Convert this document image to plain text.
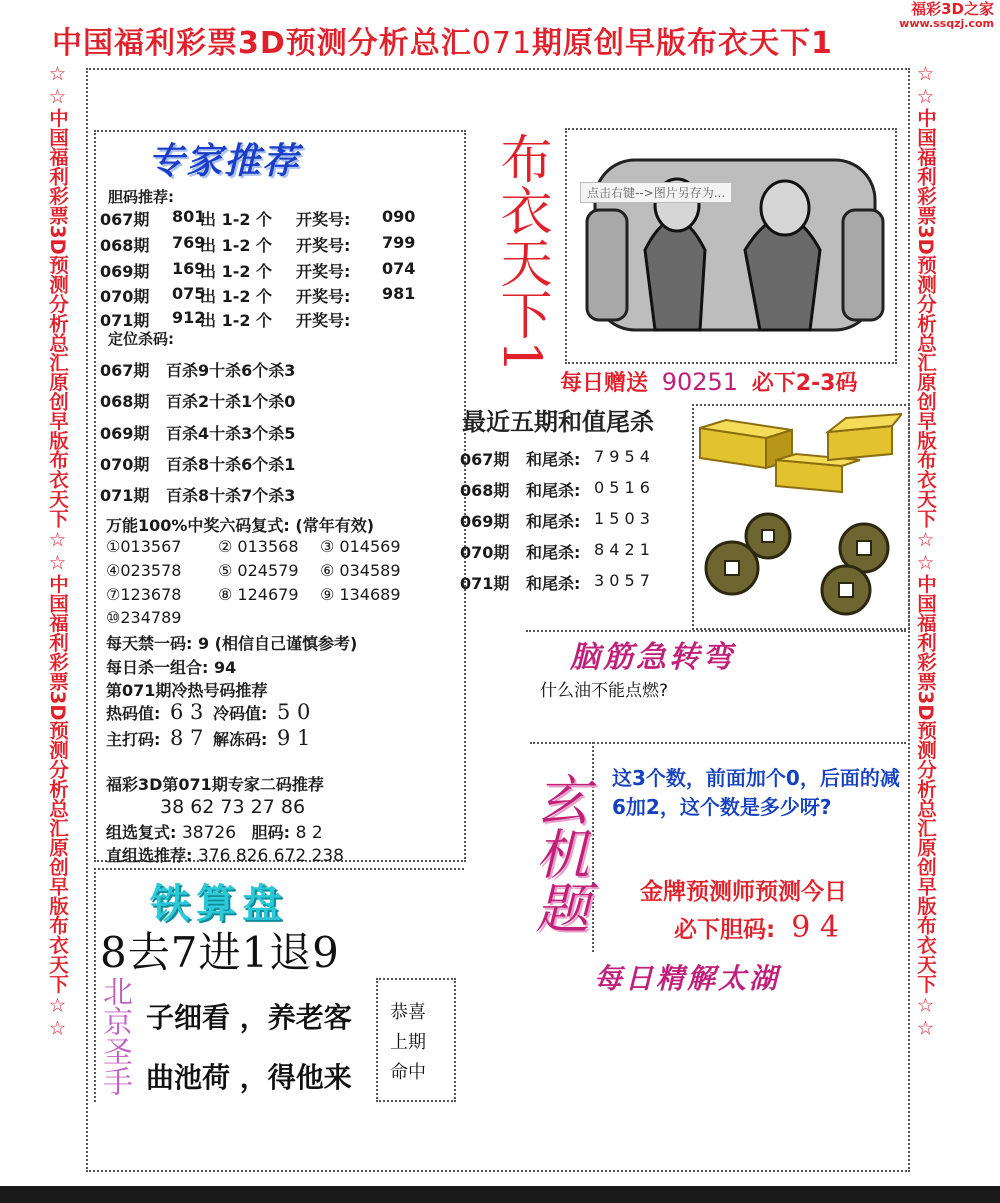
中国福利彩票3D预测分析总汇071期原创早版布衣天下1
福彩3D之家
www.ssqzj.com
☆☆中国福利彩票3D预测分析总汇原创早版布衣天下☆☆中国福利彩票3D预测分析总汇原创早版布衣天下☆☆	☆☆中国福利彩票3D预测分析总汇原创早版布衣天下☆☆中国福利彩票3D预测分析总汇原创早版布衣天下☆☆
专家推荐
胆码推荐:
067期 801
出 1-2 个 开奖号: 090
068期 769
出 1-2 个 开奖号: 799
069期 169
出 1-2 个 开奖号: 074
070期 075
出 1-2 个 开奖号: 981
071期 912
出 1-2 个 开奖号:
定位杀码:
067期 百杀9十杀6个杀3
068期 百杀2十杀1个杀0
069期 百杀4十杀3个杀5
070期 百杀8十杀6个杀1
071期 百杀8十杀7个杀3
万能100%中奖六码复式: (常年有效)
①013567 ② 013568 ③ 014569
④023578 ⑤ 024579 ⑥ 034589
⑦123678 ⑧ 124679 ⑨ 134689
⑩234789
每天禁一码: 9 (相信自己谨慎参考)
每日杀一组合: 94
第071期冷热号码推荐
热码值: 6 3 冷码值: 5 0
主打码: 8 7 解冻码: 9 1
福彩3D第071期专家二码推荐
38 62 73 27 86
组选复式: 38726 胆码: 8 2
直组选推荐: 376 826 672 238
布衣天下1	点击右键-->图片另存为...
每日赠送 90251 必下2-3码
最近五期和值尾杀
067期 和尾杀: 7 9 5 4
068期 和尾杀: 0 5 1 6
069期 和尾杀: 1 5 0 3
070期 和尾杀: 8 4 2 1
071期 和尾杀: 3 0 5 7
脑筋急转弯
什么油不能点燃?
玄机题 这3个数，前面加个0，后面的减6加2，这个数是多少呀?
金牌预测师预测今日
必下胆码: 9 4
每日精解太湖
铁算盘
8去7进1退9
北京圣手 子细看 ，养老客
曲池荷 ，得他来
恭喜上期命中
